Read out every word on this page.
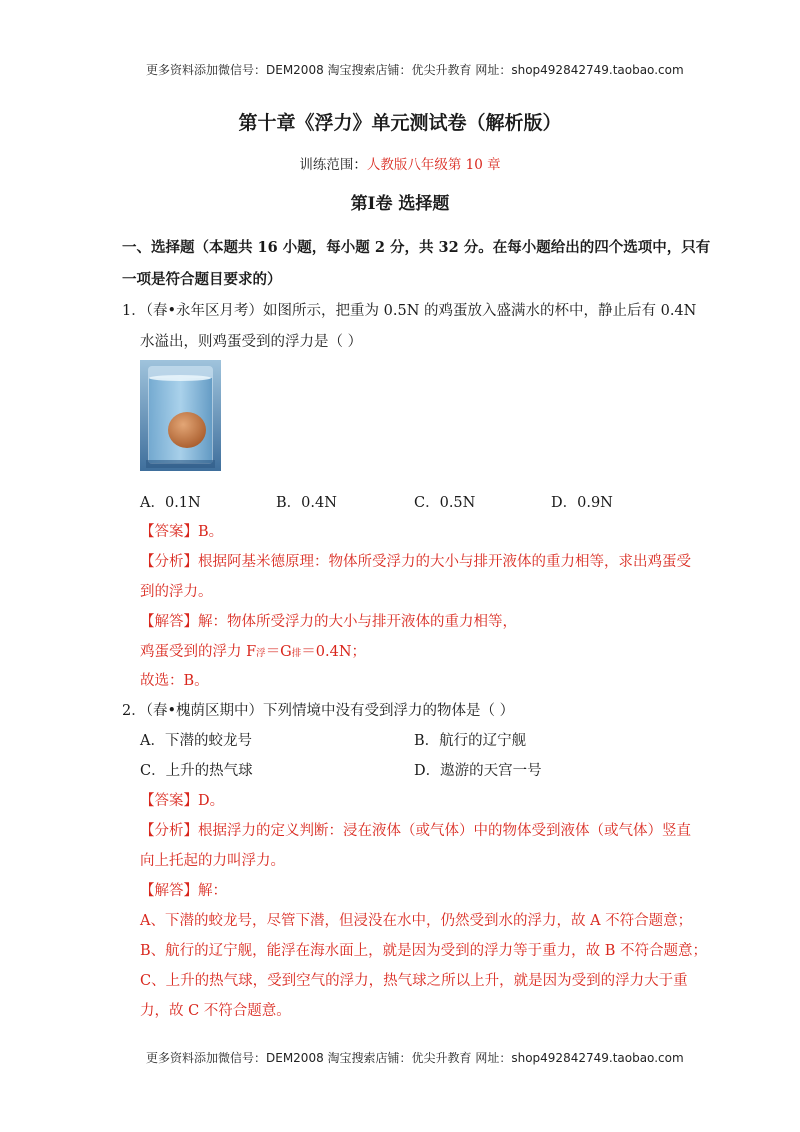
更多资料添加微信号：DEM2008 淘宝搜索店铺：优尖升教育 网址：shop492842749.taobao.com
第十章《浮力》单元测试卷（解析版）
训练范围：人教版八年级第 10 章
第Ⅰ卷 选择题
一、选择题（本题共 16 小题，每小题 2 分，共 32 分。在每小题给出的四个选项中，只有
一项是符合题目要求的）
1．（春•永年区月考）如图所示，把重为 0.5N 的鸡蛋放入盛满水的杯中，静止后有 0.4N
水溢出，则鸡蛋受到的浮力是（ ）
A．0.1N	B．0.4N	C．0.5N	D．0.9N
【答案】B。
【分析】根据阿基米德原理：物体所受浮力的大小与排开液体的重力相等，求出鸡蛋受
到的浮力。
【解答】解：物体所受浮力的大小与排开液体的重力相等，
鸡蛋受到的浮力 F浮＝G排＝0.4N；
故选：B。
2．（春•槐荫区期中）下列情境中没有受到浮力的物体是（ ）
A．下潜的蛟龙号	B．航行的辽宁舰
C．上升的热气球	D．遨游的天宫一号
【答案】D。
【分析】根据浮力的定义判断：浸在液体（或气体）中的物体受到液体（或气体）竖直
向上托起的力叫浮力。
【解答】解：
A、下潜的蛟龙号，尽管下潜，但浸没在水中，仍然受到水的浮力，故 A 不符合题意；
B、航行的辽宁舰，能浮在海水面上，就是因为受到的浮力等于重力，故 B 不符合题意；
C、上升的热气球，受到空气的浮力，热气球之所以上升，就是因为受到的浮力大于重
力，故 C 不符合题意。
更多资料添加微信号：DEM2008 淘宝搜索店铺：优尖升教育 网址：shop492842749.taobao.com
